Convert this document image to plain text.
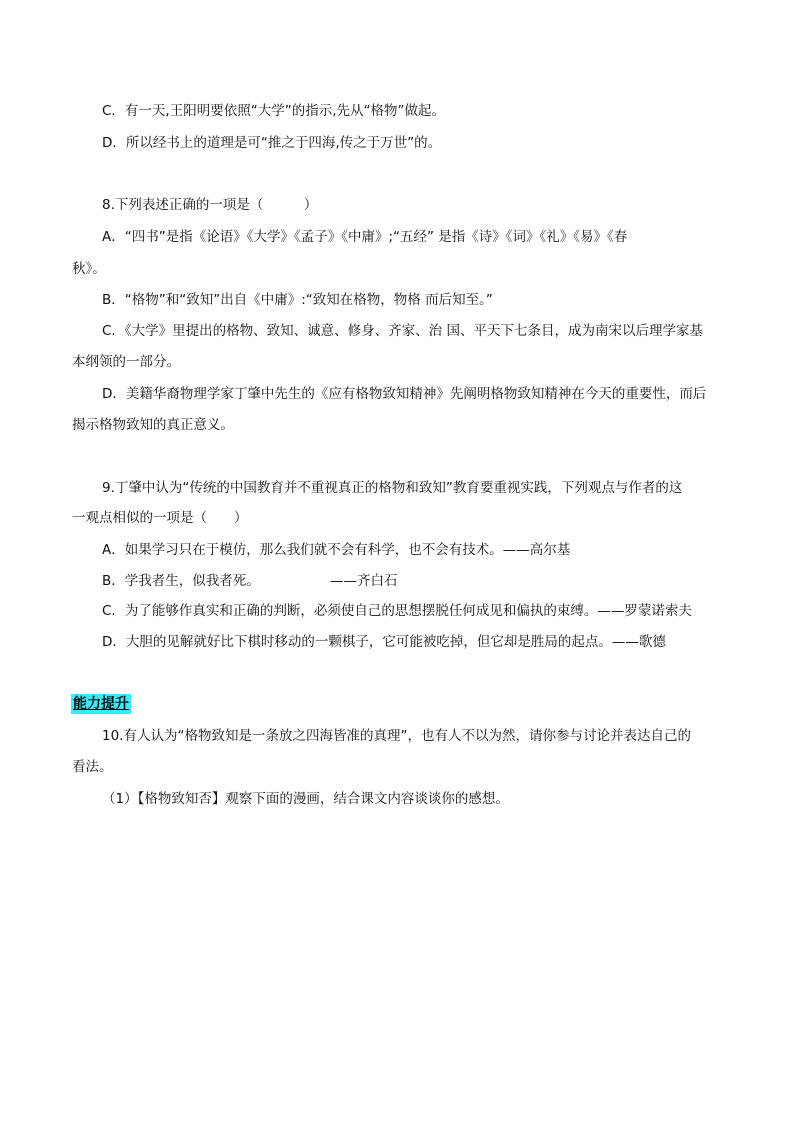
C．有一天,王阳明要依照“大学”的指示,先从“格物”做起。
D．所以经书上的道理是可“推之于四海,传之于万世”的。
8.下列表述正确的一项是（　　　）
A．“四书”是指《论语》《大学》《孟子》《中庸》;“五经” 是指《诗》《词》《礼》《易》《春
秋》。
B．“格物”和“致知”出自《中庸》:“致知在格物，物格 而后知至。”
C．《大学》里提出的格物、致知、诚意、修身、齐家、治 国、平天下七条目，成为南宋以后理学家基
本纲领的一部分。
D．美籍华裔物理学家丁肇中先生的《应有格物致知精神》先阐明格物致知精神在今天的重要性，而后
揭示格物致知的真正意义。
9.丁肇中认为“传统的中国教育并不重视真正的格物和致知”教育要重视实践，下列观点与作者的这
一观点相似的一项是（　　）
A．如果学习只在于模仿，那么我们就不会有科学，也不会有技术。——高尔基
B．学我者生，似我者死。	——齐白石
C．为了能够作真实和正确的判断，必须使自己的思想摆脱任何成见和偏执的束缚。——罗蒙诺索夫
D．大胆的见解就好比下棋时移动的一颗棋子，它可能被吃掉，但它却是胜局的起点。——歌德
能力提升
10.有人认为“格物致知是一条放之四海皆准的真理”，也有人不以为然，请你参与讨论并表达自己的
看法。
（1）【格物致知否】观察下面的漫画，结合课文内容谈谈你的感想。
